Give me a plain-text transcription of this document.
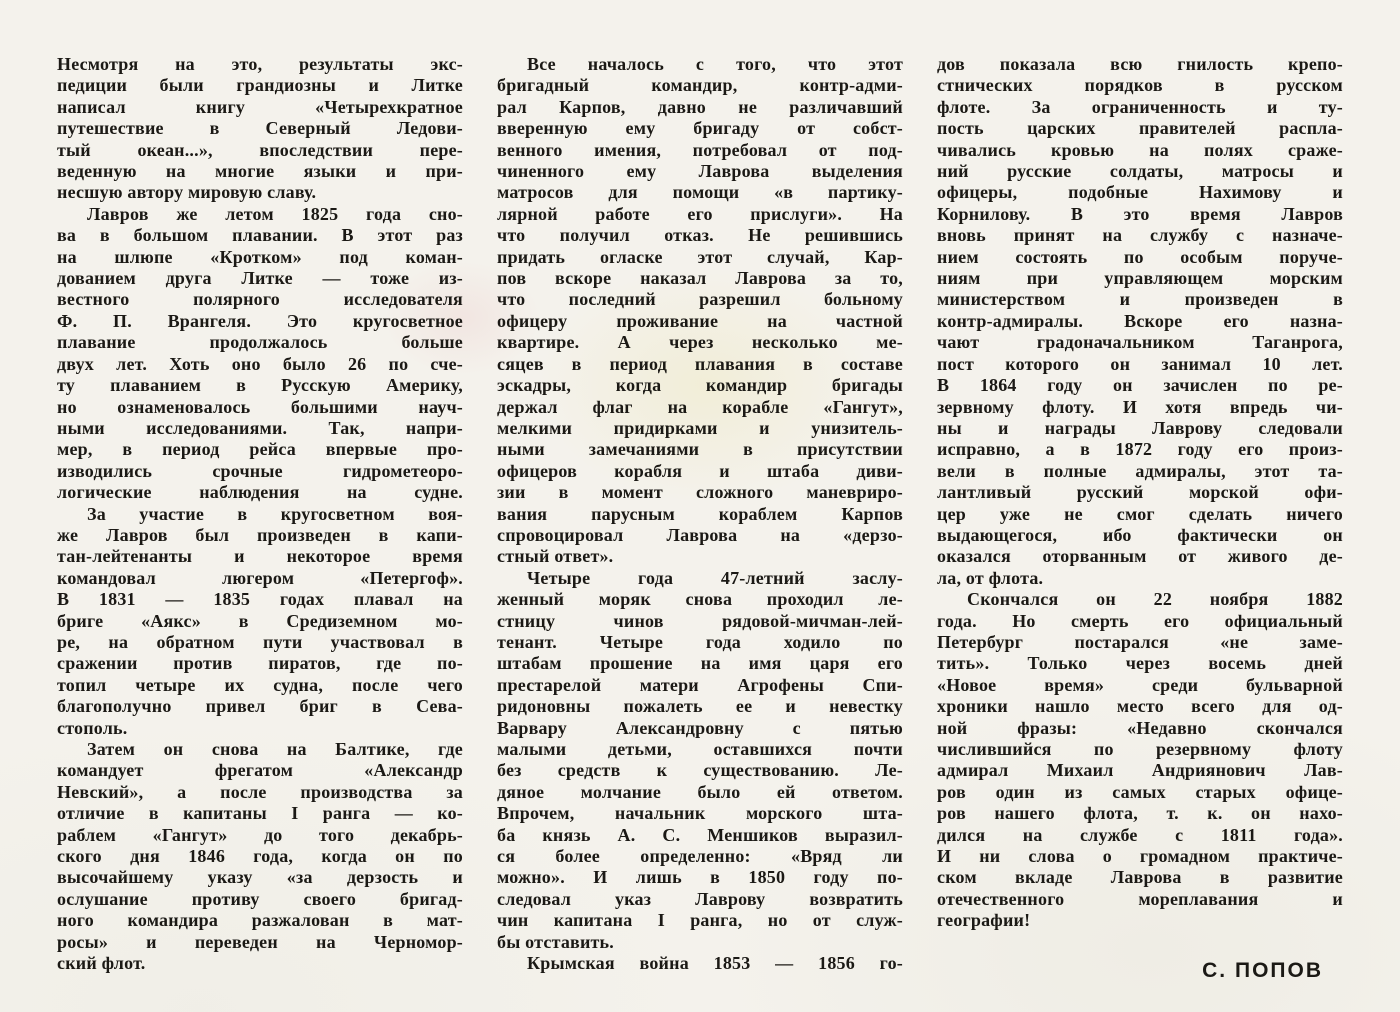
Несмотря на это, результаты экс-
педиции были грандиозны и Литке
написал книгу «Четырехкратное
путешествие в Северный Ледови-
тый океан...», впоследствии пере-
веденную на многие языки и при-
несшую автору мировую славу.
Лавров же летом 1825 года сно-
ва в большом плавании. В этот раз
на шлюпе «Кротком» под коман-
дованием друга Литке — тоже из-
вестного полярного исследователя
Ф. П. Врангеля. Это кругосветное
плавание продолжалось больше
двух лет. Хоть оно было 26 по сче-
ту плаванием в Русскую Америку,
но ознаменовалось большими науч-
ными исследованиями. Так, напри-
мер, в период рейса впервые про-
изводились срочные гидрометеоро-
логические наблюдения на судне.
За участие в кругосветном воя-
же Лавров был произведен в капи-
тан-лейтенанты и некоторое время
командовал люгером «Петергоф».
В 1831 — 1835 годах плавал на
бриге «Аякс» в Средиземном мо-
ре, на обратном пути участвовал в
сражении против пиратов, где по-
топил четыре их судна, после чего
благополучно привел бриг в Сева-
стополь.
Затем он снова на Балтике, где
командует фрегатом «Александр
Невский», а после производства за
отличие в капитаны I ранга — ко-
раблем «Гангут» до того декабрь-
ского дня 1846 года, когда он по
высочайшему указу «за дерзость и
ослушание противу своего бригад-
ного командира разжалован в мат-
росы» и переведен на Черномор-
ский флот.
Все началось с того, что этот
бригадный командир, контр-адми-
рал Карпов, давно не различавший
вверенную ему бригаду от собст-
венного имения, потребовал от под-
чиненного ему Лаврова выделения
матросов для помощи «в партику-
лярной работе его прислуги». На
что получил отказ. Не решившись
придать огласке этот случай, Кар-
пов вскоре наказал Лаврова за то,
что последний разрешил больному
офицеру проживание на частной
квартире. А через несколько ме-
сяцев в период плавания в составе
эскадры, когда командир бригады
держал флаг на корабле «Гангут»,
мелкими придирками и унизитель-
ными замечаниями в присутствии
офицеров корабля и штаба диви-
зии в момент сложного маневриро-
вания парусным кораблем Карпов
спровоцировал Лаврова на «дерзо-
стный ответ».
Четыре года 47-летний заслу-
женный моряк снова проходил ле-
стницу чинов рядовой-мичман-лей-
тенант. Четыре года ходило по
штабам прошение на имя царя его
престарелой матери Агрофены Спи-
ридоновны пожалеть ее и невестку
Варвару Александровну с пятью
малыми детьми, оставшихся почти
без средств к существованию. Ле-
дяное молчание было ей ответом.
Впрочем, начальник морского шта-
ба князь А. С. Меншиков выразил-
ся более определенно: «Вряд ли
можно». И лишь в 1850 году по-
следовал указ Лаврову возвратить
чин капитана I ранга, но от служ-
бы отставить.
Крымская война 1853 — 1856 го-
дов показала всю гнилость крепо-
стнических порядков в русском
флоте. За ограниченность и ту-
пость царских правителей распла-
чивались кровью на полях сраже-
ний русские солдаты, матросы и
офицеры, подобные Нахимову и
Корнилову. В это время Лавров
вновь принят на службу с назначе-
нием состоять по особым поруче-
ниям при управляющем морским
министерством и произведен в
контр-адмиралы. Вскоре его назна-
чают градоначальником Таганрога,
пост которого он занимал 10 лет.
В 1864 году он зачислен по ре-
зервному флоту. И хотя впредь чи-
ны и награды Лаврову следовали
исправно, а в 1872 году его произ-
вели в полные адмиралы, этот та-
лантливый русский морской офи-
цер уже не смог сделать ничего
выдающегося, ибо фактически он
оказался оторванным от живого де-
ла, от флота.
Скончался он 22 ноября 1882
года. Но смерть его официальный
Петербург постарался «не заме-
тить». Только через восемь дней
«Новое время» среди бульварной
хроники нашло место всего для од-
ной фразы: «Недавно скончался
числившийся по резервному флоту
адмирал Михаил Андриянович Лав-
ров один из самых старых офице-
ров нашего флота, т. к. он нахо-
дился на службе с 1811 года».
И ни слова о громадном практиче-
ском вкладе Лаврова в развитие
отечественного мореплавания и
географии!
С. ПОПОВ
